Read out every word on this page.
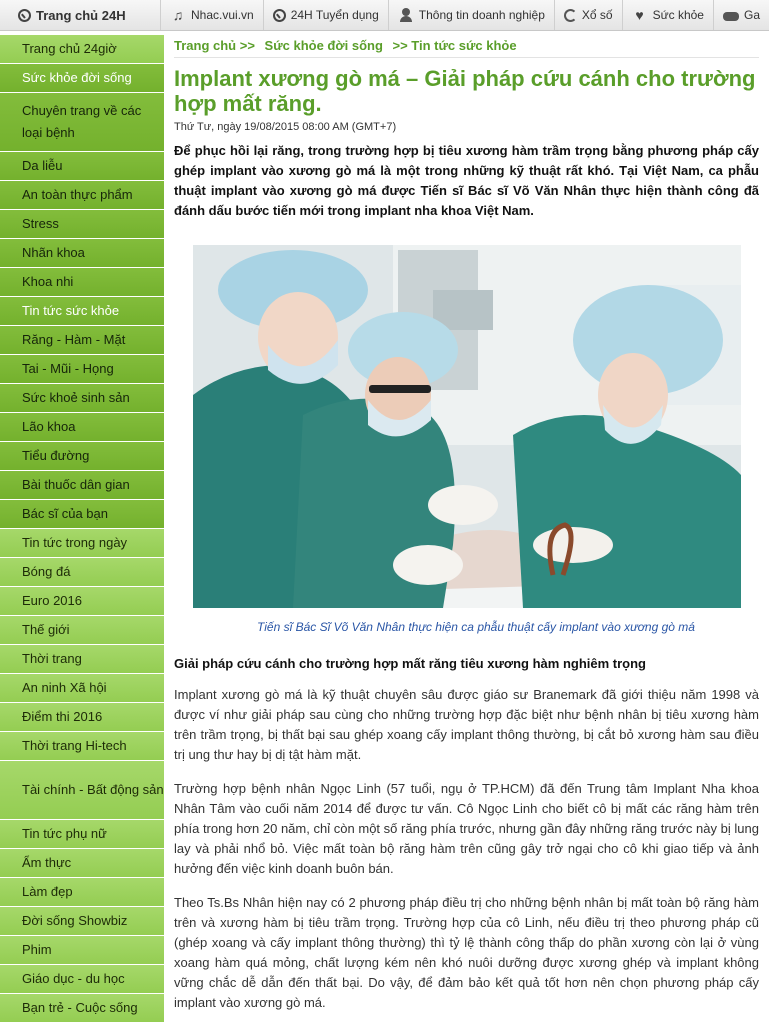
Trang chủ 24H	♫ Nhac.vui.vn	24H Tuyển dụng	Thông tin doanh nghiệp	Xổ số ♥ Sức khỏe	Ga
Trang chủ 24giờ
Sức khỏe đời sống
Chuyên trang về các loại bệnh
Da liễu
An toàn thực phẩm
Stress
Nhãn khoa
Khoa nhi
Tin tức sức khỏe
Răng - Hàm - Mặt
Tai - Mũi - Họng
Sức khoẻ sinh sản
Lão khoa
Tiểu đường
Bài thuốc dân gian
Bác sĩ của bạn
Tin tức trong ngày
Bóng đá
Euro 2016
Thế giới
Thời trang
An ninh Xã hội
Điểm thi 2016
Thời trang Hi-tech
Tài chính - Bất động sản
Tin tức phụ nữ
Ẩm thực
Làm đẹp
Đời sống Showbiz
Phim
Giáo dục - du học
Bạn trẻ - Cuộc sống
Trang chủ >> Sức khỏe đời sống >> Tin tức sức khỏe
Implant xương gò má – Giải pháp cứu cánh cho trường hợp mất răng.
Thứ Tư, ngày 19/08/2015 08:00 AM (GMT+7)
Để phục hồi lại răng, trong trường hợp bị tiêu xương hàm trầm trọng bằng phương pháp cấy ghép implant vào xương gò má là một trong những kỹ thuật rất khó. Tại Việt Nam, ca phẫu thuật implant vào xương gò má được Tiến sĩ Bác sĩ Võ Văn Nhân thực hiện thành công đã đánh dấu bước tiến mới trong implant nha khoa Việt Nam.
Tiến sĩ Bác Sĩ Võ Văn Nhân thực hiện ca phẫu thuật cấy implant vào xương gò má
Giải pháp cứu cánh cho trường hợp mất răng tiêu xương hàm nghiêm trọng
Implant xương gò má là kỹ thuật chuyên sâu được giáo sư Branemark đã giới thiệu năm 1998 và được ví như giải pháp sau cùng cho những trường hợp đặc biệt như bệnh nhân bị tiêu xương hàm trên trầm trọng, bị thất bại sau ghép xoang cấy implant thông thường, bị cắt bỏ xương hàm sau điều trị ung thư hay bị dị tật hàm mặt.
Trường hợp bệnh nhân Ngọc Linh (57 tuổi, ngụ ở TP.HCM) đã đến Trung tâm Implant Nha khoa Nhân Tâm vào cuối năm 2014 để được tư vấn. Cô Ngọc Linh cho biết cô bị mất các răng hàm trên phía trong hơn 20 năm, chỉ còn một số răng phía trước, nhưng gần đây những răng trước này bị lung lay và phải nhổ bỏ. Việc mất toàn bộ răng hàm trên cũng gây trở ngại cho cô khi giao tiếp và ảnh hưởng đến việc kinh doanh buôn bán.
Theo Ts.Bs Nhân hiện nay có 2 phương pháp điều trị cho những bệnh nhân bị mất toàn bộ răng hàm trên và xương hàm bị tiêu trầm trọng. Trường hợp của cô Linh, nếu điều trị theo phương pháp cũ (ghép xoang và cấy implant thông thường) thì tỷ lệ thành công thấp do phần xương còn lại ở vùng xoang hàm quá mỏng, chất lượng kém nên khó nuôi dưỡng được xương ghép và implant không vững chắc dễ dẫn đến thất bại. Do vậy, để đảm bảo kết quả tốt hơn nên chọn phương pháp cấy implant vào xương gò má.
